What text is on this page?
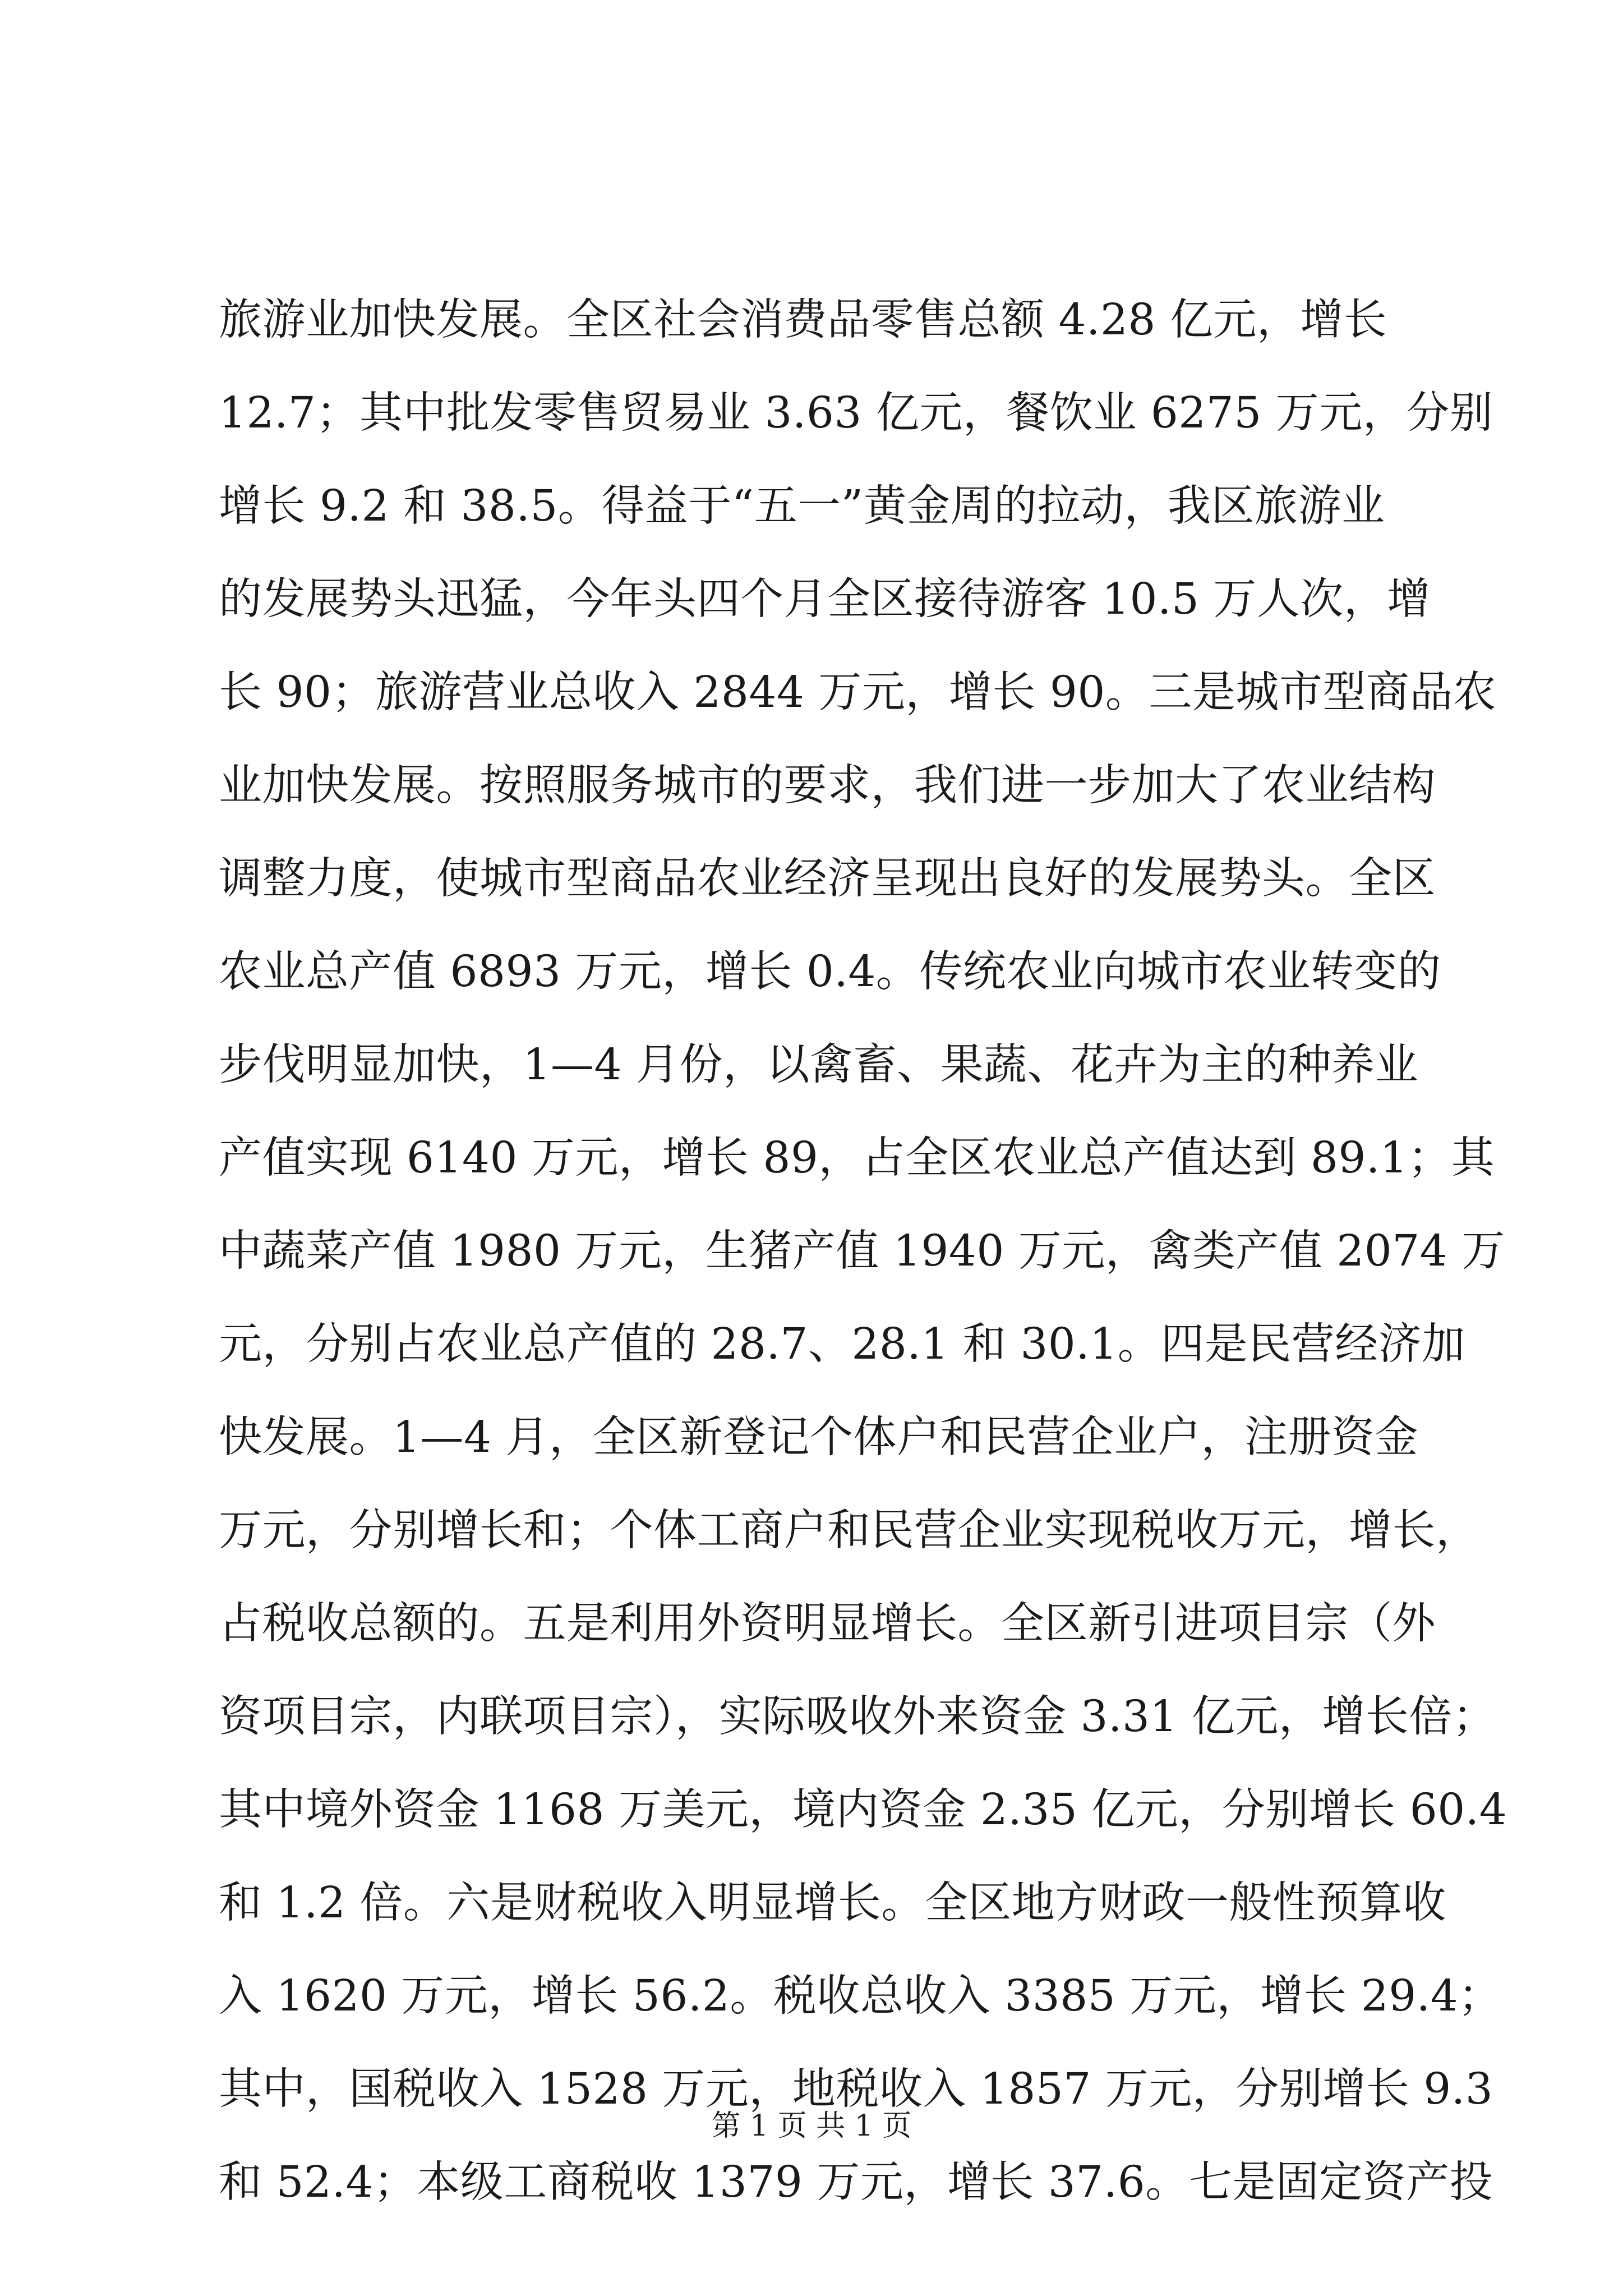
旅游业加快发展。全区社会消费品零售总额 4.28 亿元，增长
12.7；其中批发零售贸易业 3.63 亿元，餐饮业 6275 万元，分别
增长 9.2 和 38.5。得益于“五一”黄金周的拉动，我区旅游业
的发展势头迅猛，今年头四个月全区接待游客 10.5 万人次，增
长 90；旅游营业总收入 2844 万元，增长 90。三是城市型商品农
业加快发展。按照服务城市的要求，我们进一步加大了农业结构
调整力度，使城市型商品农业经济呈现出良好的发展势头。全区
农业总产值 6893 万元，增长 0.4。传统农业向城市农业转变的
步伐明显加快，1—4 月份，以禽畜、果蔬、花卉为主的种养业
产值实现 6140 万元，增长 89，占全区农业总产值达到 89.1；其
中蔬菜产值 1980 万元，生猪产值 1940 万元，禽类产值 2074 万
元，分别占农业总产值的 28.7、28.1 和 30.1。四是民营经济加
快发展。1—4 月，全区新登记个体户和民营企业户，注册资金
万元，分别增长和；个体工商户和民营企业实现税收万元，增长，
占税收总额的。五是利用外资明显增长。全区新引进项目宗（外
资项目宗，内联项目宗），实际吸收外来资金 3.31 亿元，增长倍；
其中境外资金 1168 万美元，境内资金 2.35 亿元，分别增长 60.4
和 1.2 倍。六是财税收入明显增长。全区地方财政一般性预算收
入 1620 万元，增长 56.2。税收总收入 3385 万元，增长 29.4；
其中，国税收入 1528 万元，地税收入 1857 万元，分别增长 9.3
和 52.4；本级工商税收 1379 万元，增长 37.6。七是固定资产投
第 1 页 共 1 页
